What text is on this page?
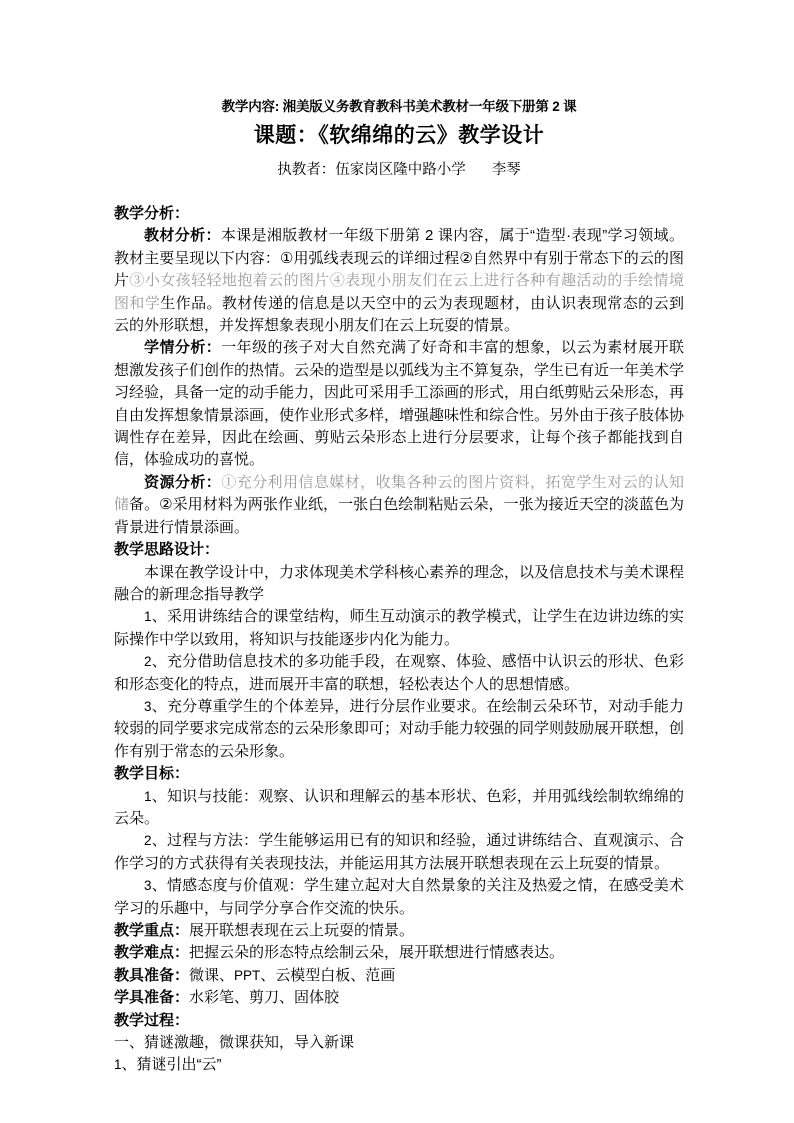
教学内容: 湘美版义务教育教科书美术教材一年级下册第 2 课
课题：《软绵绵的云》教学设计
执教者：伍家岗区隆中路小学 李琴

教学分析：

教材分析：本课是湘版教材一年级下册第 2 课内容，属于“造型·表现”学习领域。教材主要呈现以下内容：①用弧线表现云的详细过程②自然界中有别于常态下的云的图片③小女孩轻轻地抱着云的图片④表现小朋友们在云上进行各种有趣活动的手绘情境图和学生作品。教材传递的信息是以天空中的云为表现题材，由认识表现常态的云到云的外形联想，并发挥想象表现小朋友们在云上玩耍的情景。

学情分析：一年级的孩子对大自然充满了好奇和丰富的想象，以云为素材展开联想激发孩子们创作的热情。云朵的造型是以弧线为主不算复杂，学生已有近一年美术学习经验，具备一定的动手能力，因此可采用手工添画的形式，用白纸剪贴云朵形态，再自由发挥想象情景添画，使作业形式多样，增强趣味性和综合性。另外由于孩子肢体协调性存在差异，因此在绘画、剪贴云朵形态上进行分层要求，让每个孩子都能找到自信，体验成功的喜悦。

资源分析：①充分利用信息媒材，收集各种云的图片资料，拓宽学生对云的认知储备。②采用材料为两张作业纸，一张白色绘制粘贴云朵，一张为接近天空的淡蓝色为背景进行情景添画。

教学思路设计：

本课在教学设计中，力求体现美术学科核心素养的理念，以及信息技术与美术课程融合的新理念指导教学

1、采用讲练结合的课堂结构，师生互动演示的教学模式，让学生在边讲边练的实际操作中学以致用，将知识与技能逐步内化为能力。

2、充分借助信息技术的多功能手段，在观察、体验、感悟中认识云的形状、色彩和形态变化的特点，进而展开丰富的联想，轻松表达个人的思想情感。

3、充分尊重学生的个体差异，进行分层作业要求。在绘制云朵环节，对动手能力较弱的同学要求完成常态的云朵形象即可；对动手能力较强的同学则鼓励展开联想，创作有别于常态的云朵形象。

教学目标：

1、知识与技能：观察、认识和理解云的基本形状、色彩，并用弧线绘制软绵绵的云朵。

2、过程与方法：学生能够运用已有的知识和经验，通过讲练结合、直观演示、合作学习的方式获得有关表现技法，并能运用其方法展开联想表现在云上玩耍的情景。

3、情感态度与价值观：学生建立起对大自然景象的关注及热爱之情，在感受美术学习的乐趣中，与同学分享合作交流的快乐。

教学重点：展开联想表现在云上玩耍的情景。

教学难点：把握云朵的形态特点绘制云朵，展开联想进行情感表达。

教具准备：微课、PPT、云模型白板、范画

学具准备：水彩笔、剪刀、固体胶

教学过程：

一、猜谜激趣，微课获知，导入新课

1、猜谜引出“云”
